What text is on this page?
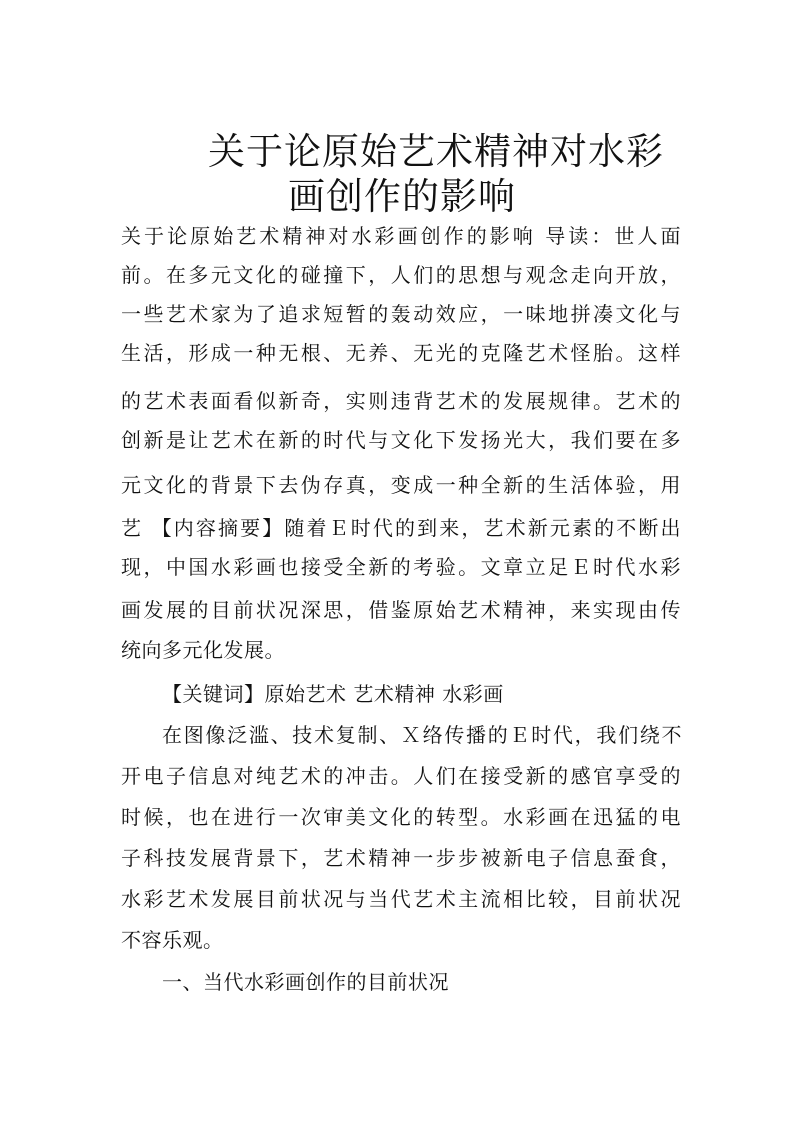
关于论原始艺术精神对水彩
画创作的影响
关于论原始艺术精神对水彩画创作的影响 导读：世人面
前。在多元文化的碰撞下，人们的思想与观念走向开放，
一些艺术家为了追求短暂的轰动效应，一味地拼凑文化与
生活，形成一种无根、无养、无光的克隆艺术怪胎。这样
的艺术表面看似新奇，实则违背艺术的发展规律。艺术的
创新是让艺术在新的时代与文化下发扬光大，我们要在多
元文化的背景下去伪存真，变成一种全新的生活体验，用
艺 【内容摘要】随着Ｅ时代的到来，艺术新元素的不断出
现，中国水彩画也接受全新的考验。文章立足Ｅ时代水彩
画发展的目前状况深思，借鉴原始艺术精神，来实现由传
统向多元化发展。
【关键词】原始艺术 艺术精神 水彩画
在图像泛滥、技术复制、Ｘ络传播的Ｅ时代，我们绕不
开电子信息对纯艺术的冲击。人们在接受新的感官享受的
时候，也在进行一次审美文化的转型。水彩画在迅猛的电
子科技发展背景下，艺术精神一步步被新电子信息蚕食，
水彩艺术发展目前状况与当代艺术主流相比较，目前状况
不容乐观。
一、当代水彩画创作的目前状况
